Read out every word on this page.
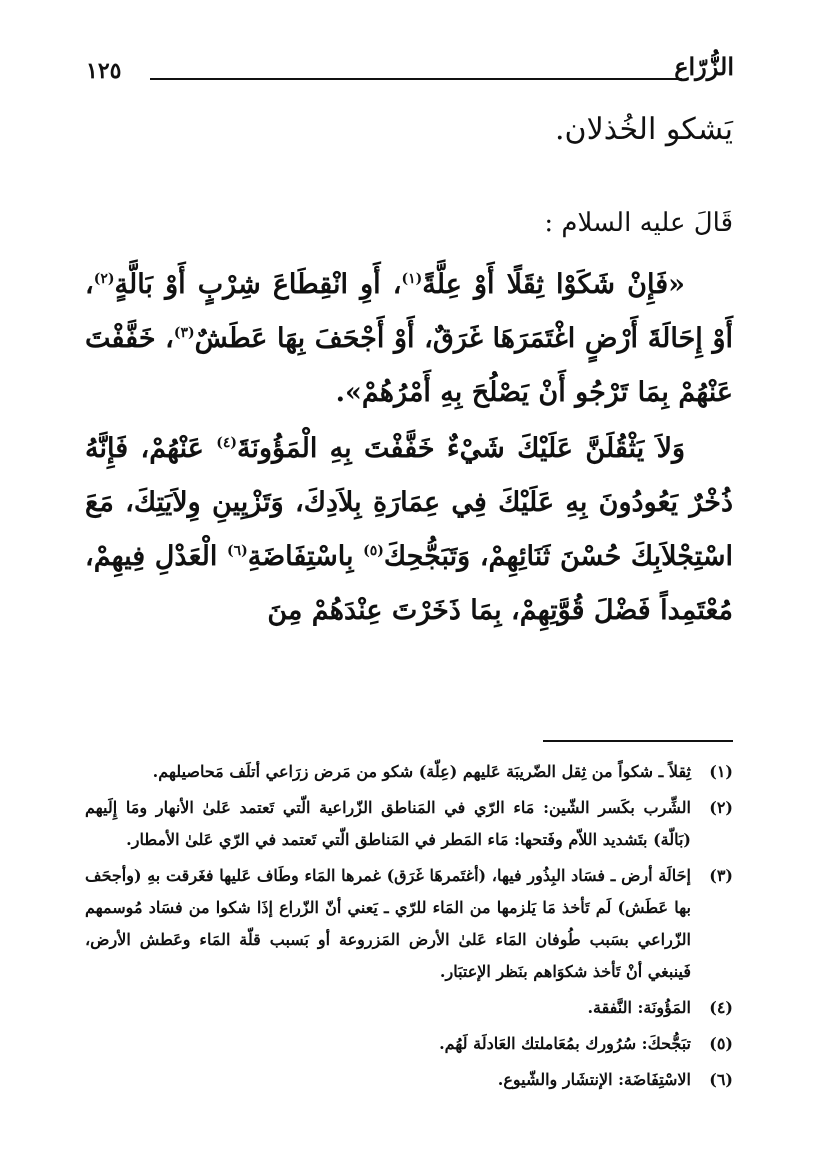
١٢٥	الزُّرّاع
يَشكو الخُذلان.
قَالَ عليه السلام :

«فَإِنْ شَكَوْا ثِقَلًا أَوْ عِلَّةً$^{(١)}$، أَوِ انْقِطَاعَ شِرْبٍ أَوْ بَالَّةٍ$^{(٢)}$، أَوْ إِحَالَةَ أَرْضٍ اغْتَمَرَهَا غَرَقٌ، أَوْ أَجْحَفَ بِهَا عَطَشٌ$^{(٣)}$، خَفَّفْتَ عَنْهُمْ بِمَا تَرْجُو أَنْ يَصْلُحَ بِهِ أَمْرُهُمْ».

وَلاَ يَثْقُلَنَّ عَلَيْكَ شَيْءٌ خَفَّفْتَ بِهِ الْمَؤُونَةَ$^{(٤)}$ عَنْهُمْ، فَإِنَّهُ ذُخْرٌ يَعُودُونَ بِهِ عَلَيْكَ فِي عِمَارَةِ بِلاَدِكَ، وَتَزْيِينِ وِلاَيَتِكَ، مَعَ اسْتِجْلاَبِكَ حُسْنَ ثَنَائِهِمْ، وَتَبَجُّحِكَ$^{(٥)}$ بِاسْتِفَاضَةِ$^{(٦)}$ الْعَدْلِ فِيهِمْ، مُعْتَمِداً فَضْلَ قُوَّتِهِمْ، بِمَا ذَخَرْتَ عِنْدَهُمْ مِنَ

(١)
ثِقلاً ـ شكواً من ثِقل الضّريبَة عَليهم (عِلّة) شكو من مَرض زرَاعي أتلَف مَحاصيلهم.
(٢)
الشِّرب بكَسر الشّين: مَاء الرّي في المَناطق الزّراعية الّتي تَعتمد عَلىٰ الأنهار ومَا إِلَيهم (بَالّة) بتَشديد اللاّم وفَتحها: مَاء المَطر في المَناطق الّتي تَعتمد في الرّي عَلىٰ الأمطار.
(٣)
إحَالَة أرض ـ فسَاد البِذُور فيها، (أغتَمرهَا غَرَق) غمرها المَاء وطَاف عَليها فغَرقت بهِ (وأجحَف بها عَطَش) لَم تَأخذ مَا يَلزمها من المَاء للرّي ـ يَعني أنّ الزّراع إذَا شكوا من فسَاد مُوسمهم الزّراعي بسَبب طُوفان المَاء عَلىٰ الأرض المَزروعة أو بَسبب قلّة المَاء وعَطش الأرض، فَينبغي أنْ تَأخذ شكوَاهم بنَظر الإعتبَار.
(٤)
المَؤُونَة: النَّفقة.
(٥)
تبَجُّحكَ: سُرُورك بمُعَاملتك العَادلَة لَهُم.
(٦)
الاسْتِفَاضَة: الإنتشَار والشّيوع.
